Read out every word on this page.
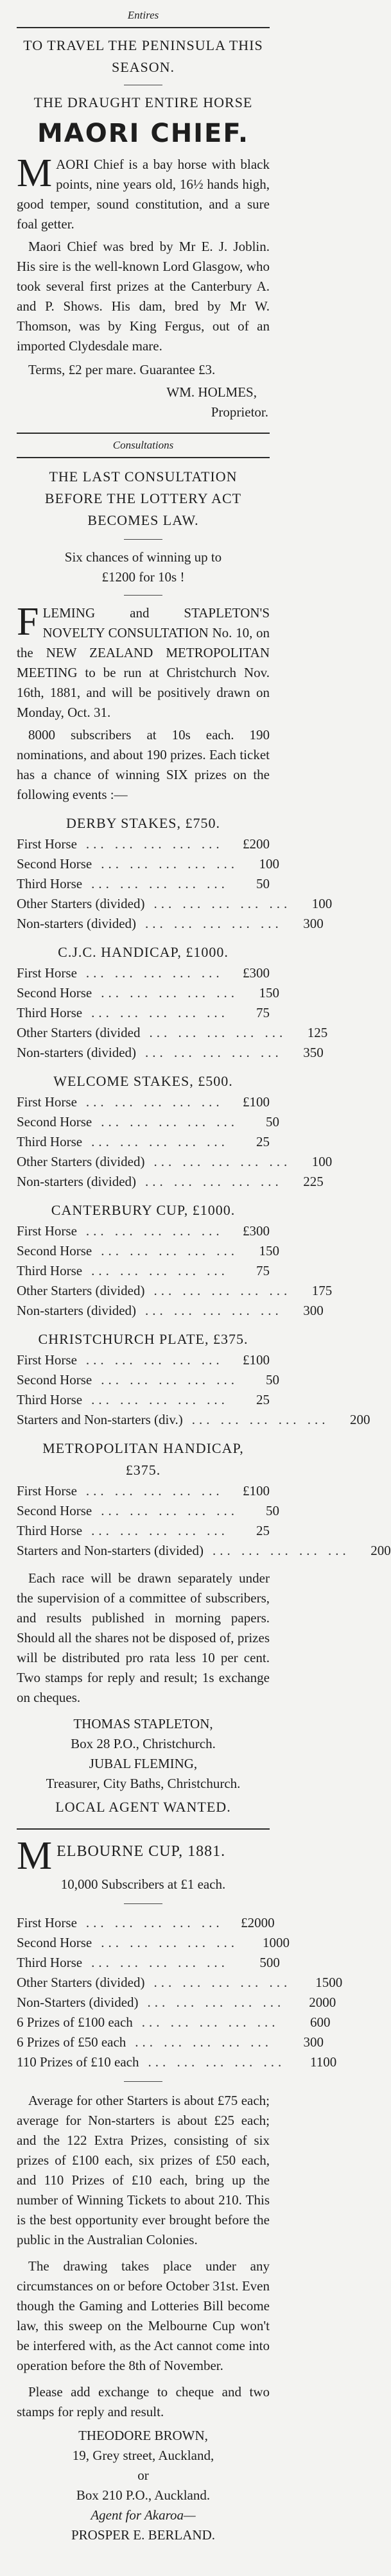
Entires
TO TRAVEL THE PENINSULA THIS
SEASON.
THE DRAUGHT ENTIRE HORSE
MAORI CHIEF.

MAORI Chief is a bay horse with black points, nine years old, 16½ hands high, good temper, sound constitution, and a sure foal getter.

Maori Chief was bred by Mr E. J. Joblin. His sire is the well-known Lord Glasgow, who took several first prizes at the Canterbury A. and P. Shows. His dam, bred by Mr W. Thomson, was by King Fergus, out of an imported Clydesdale mare.

Terms, £2 per mare. Guarantee £3.

WM. HOLMES,
Proprietor.
Consultations
THE LAST CONSULTATION
BEFORE THE LOTTERY ACT
BECOMES LAW.
Six chances of winning up to
£1200 for 10s !

FLEMING and STAPLETON'S NOVELTY CONSULTATION No. 10, on the NEW ZEALAND METROPOLITAN MEETING to be run at Christchurch Nov. 16th, 1881, and will be positively drawn on Monday, Oct. 31.

8000 subscribers at 10s each. 190 nominations, and about 190 prizes. Each ticket has a chance of winning SIX prizes on the following events :—

DERBY STAKES, £750.
First Horse ... ... ... ... ...	£200
Second Horse ... ... ... ... ...	100
Third Horse ... ... ... ... ...	50
Other Starters (divided) ... ... ... ... ...	100
Non-starters (divided) ... ... ... ... ...	300
C.J.C. HANDICAP, £1000.
First Horse ... ... ... ... ...	£300
Second Horse ... ... ... ... ...	150
Third Horse ... ... ... ... ...	75
Other Starters (divided ... ... ... ... ...	125
Non-starters (divided) ... ... ... ... ...	350
WELCOME STAKES, £500.
First Horse ... ... ... ... ...	£100
Second Horse ... ... ... ... ...	50
Third Horse ... ... ... ... ...	25
Other Starters (divided) ... ... ... ... ...	100
Non-starters (divided) ... ... ... ... ...	225
CANTERBURY CUP, £1000.
First Horse ... ... ... ... ...	£300
Second Horse ... ... ... ... ...	150
Third Horse ... ... ... ... ...	75
Other Starters (divided) ... ... ... ... ...	175
Non-starters (divided) ... ... ... ... ...	300
CHRISTCHURCH PLATE, £375.
First Horse ... ... ... ... ...	£100
Second Horse ... ... ... ... ...	50
Third Horse ... ... ... ... ...	25
Starters and Non-starters (div.) ... ... ... ... ...	200
METROPOLITAN HANDICAP,
£375.
First Horse ... ... ... ... ...	£100
Second Horse ... ... ... ... ...	50
Third Horse ... ... ... ... ...	25
Starters and Non-starters (divided) ... ... ... ... ...	200

Each race will be drawn separately under the supervision of a committee of subscribers, and results published in morning papers. Should all the shares not be disposed of, prizes will be distributed pro rata less 10 per cent. Two stamps for reply and result; 1s exchange on cheques.

THOMAS STAPLETON,
Box 28 P.O., Christchurch.
JUBAL FLEMING,
Treasurer, City Baths, Christchurch.
LOCAL AGENT WANTED.
MELBOURNE CUP, 1881.
10,000 Subscribers at £1 each.
First Horse ... ... ... ... ...	£2000
Second Horse ... ... ... ... ...	1000
Third Horse ... ... ... ... ...	500
Other Starters (divided) ... ... ... ... ...	1500
Non-Starters (divided) ... ... ... ... ...	2000
6 Prizes of £100 each ... ... ... ... ...	600
6 Prizes of £50 each ... ... ... ... ...	300
110 Prizes of £10 each ... ... ... ... ...	1100

Average for other Starters is about £75 each; average for Non-starters is about £25 each; and the 122 Extra Prizes, consisting of six prizes of £100 each, six prizes of £50 each, and 110 Prizes of £10 each, bring up the number of Winning Tickets to about 210. This is the best opportunity ever brought before the public in the Australian Colonies.

The drawing takes place under any circumstances on or before October 31st. Even though the Gaming and Lotteries Bill become law, this sweep on the Melbourne Cup won't be interfered with, as the Act cannot come into operation before the 8th of November.

Please add exchange to cheque and two stamps for reply and result.

THEODORE BROWN,
19, Grey street, Auckland,
or
Box 210 P.O., Auckland.
Agent for Akaroa—
PROSPER E. BERLAND.
